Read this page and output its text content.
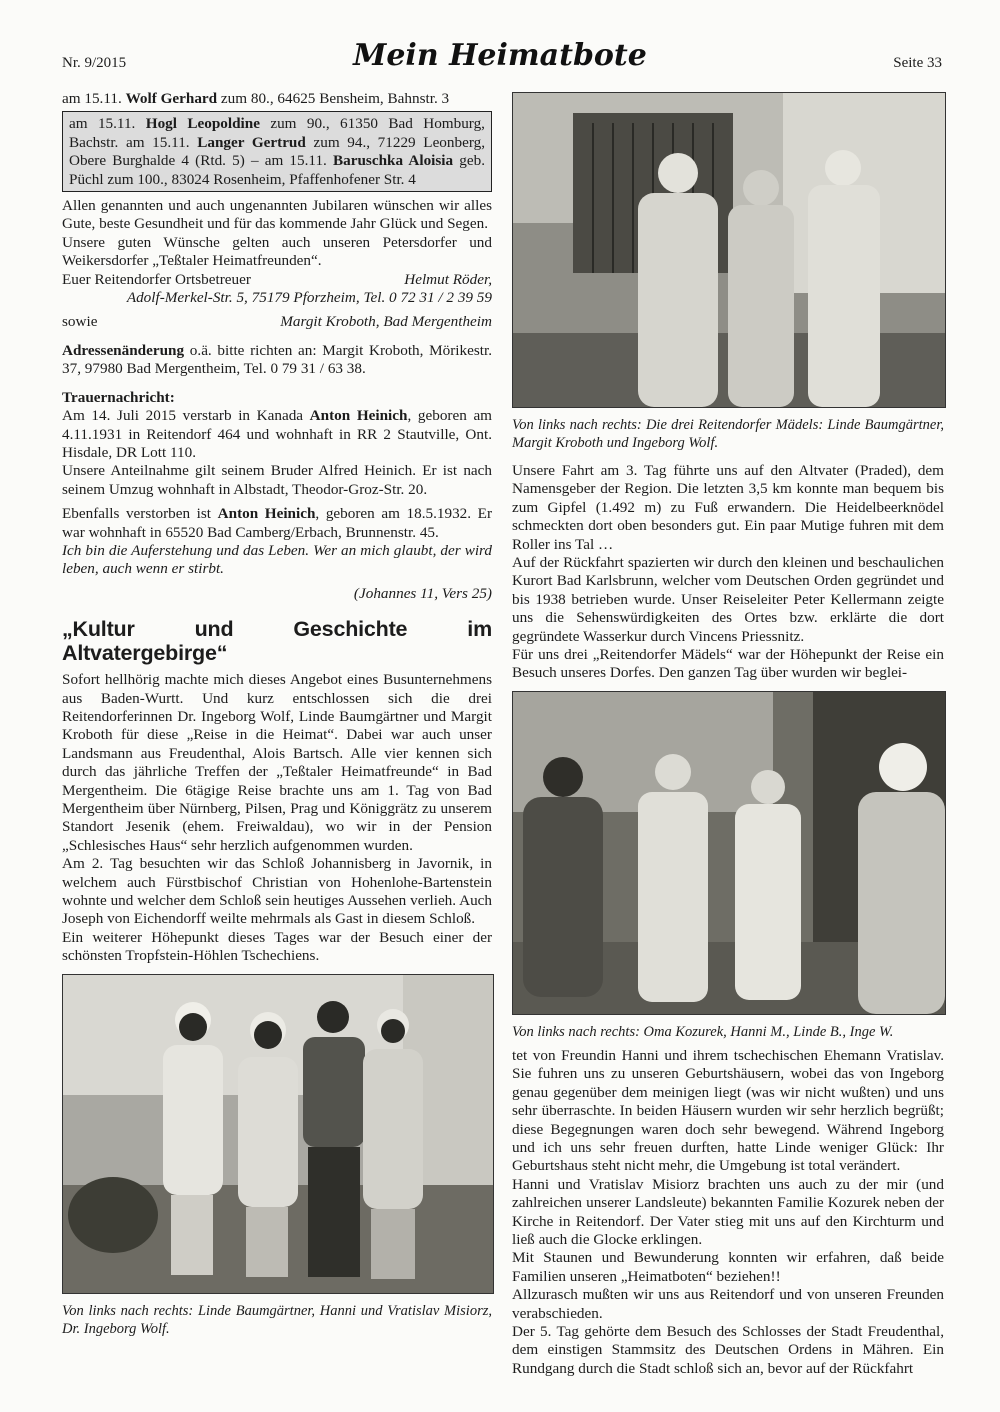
Nr. 9/2015	Mein Heimatbote	Seite 33

am 15.11. Wolf Gerhard zum 80., 64625 Bensheim, Bahnstr. 3

am 15.11. Hogl Leopoldine zum 90., 61350 Bad Homburg, Bachstr. am 15.11. Langer Gertrud zum 94., 71229 Leonberg, Obere Burghalde 4 (Rtd. 5) – am 15.11. Baruschka Aloisia geb. Püchl zum 100., 83024 Rosenheim, Pfaffenhofener Str. 4

Allen genannten und auch ungenannten Jubilaren wünschen wir alles Gute, beste Gesundheit und für das kommende Jahr Glück und Segen.

Unsere guten Wünsche gelten auch unseren Petersdorfer und Weikersdorfer „Teßtaler Heimatfreunden“.

Euer Reitendorfer Ortsbetreuer	Helmut Röder,

Adolf-Merkel-Str. 5, 75179 Pforzheim, Tel. 0 72 31 / 2 39 59

sowie	Margit Kroboth, Bad Mergentheim

Adressenänderung o.ä. bitte richten an: Margit Kroboth, Mörikestr. 37, 97980 Bad Mergentheim, Tel. 0 79 31 / 63 38.

Trauernachricht:

Am 14. Juli 2015 verstarb in Kanada Anton Heinich, geboren am 4.11.1931 in Reitendorf 464 und wohnhaft in RR 2 Stautville, Ont. Hisdale, DR Lott 110.

Unsere Anteilnahme gilt seinem Bruder Alfred Heinich. Er ist nach seinem Umzug wohnhaft in Albstadt, Theodor-Groz-Str. 20.

Ebenfalls verstorben ist Anton Heinich, geboren am 18.5.1932. Er war wohnhaft in 65520 Bad Camberg/Erbach, Brunnenstr. 45.

Ich bin die Auferstehung und das Leben. Wer an mich glaubt, der wird leben, auch wenn er stirbt.

(Johannes 11, Vers 25)

„Kultur und Geschichte im Altvatergebirge“

Sofort hellhörig machte mich dieses Angebot eines Busunternehmens aus Baden-Wurtt. Und kurz entschlossen sich die drei Reitendorferinnen Dr. Ingeborg Wolf, Linde Baumgärtner und Margit Kroboth für diese „Reise in die Heimat“. Dabei war auch unser Landsmann aus Freudenthal, Alois Bartsch. Alle vier kennen sich durch das jährliche Treffen der „Teßtaler Heimatfreunde“ in Bad Mergentheim. Die 6tägige Reise brachte uns am 1. Tag von Bad Mergentheim über Nürnberg, Pilsen, Prag und Königgrätz zu unserem Standort Jesenik (ehem. Freiwaldau), wo wir in der Pension „Schlesisches Haus“ sehr herzlich aufgenommen wurden.

Am 2. Tag besuchten wir das Schloß Johannisberg in Javornik, in welchem auch Fürstbischof Christian von Hohenlohe-Bartenstein wohnte und welcher dem Schloß sein heutiges Aussehen verlieh. Auch Joseph von Eichendorff weilte mehrmals als Gast in diesem Schloß.

Ein weiterer Höhepunkt dieses Tages war der Besuch einer der schönsten Tropfstein-Höhlen Tschechiens.

Von links nach rechts: Linde Baumgärtner, Hanni und Vratislav Misiorz, Dr. Ingeborg Wolf.

Von links nach rechts: Die drei Reitendorfer Mädels: Linde Baumgärtner, Margit Kroboth und Ingeborg Wolf.

Unsere Fahrt am 3. Tag führte uns auf den Altvater (Praded), dem Namensgeber der Region. Die letzten 3,5 km konnte man bequem bis zum Gipfel (1.492 m) zu Fuß erwandern. Die Heidelbeerknödel schmeckten dort oben besonders gut. Ein paar Mutige fuhren mit dem Roller ins Tal …

Auf der Rückfahrt spazierten wir durch den kleinen und beschaulichen Kurort Bad Karlsbrunn, welcher vom Deutschen Orden gegründet und bis 1938 betrieben wurde. Unser Reiseleiter Peter Kellermann zeigte uns die Sehenswürdigkeiten des Ortes bzw. erklärte die dort gegründete Wasserkur durch Vincens Priessnitz.

Für uns drei „Reitendorfer Mädels“ war der Höhepunkt der Reise ein Besuch unseres Dorfes. Den ganzen Tag über wurden wir beglei-

Von links nach rechts: Oma Kozurek, Hanni M., Linde B., Inge W.

tet von Freundin Hanni und ihrem tschechischen Ehemann Vratislav. Sie fuhren uns zu unseren Geburtshäusern, wobei das von Ingeborg genau gegenüber dem meinigen liegt (was wir nicht wußten) und uns sehr überraschte. In beiden Häusern wurden wir sehr herzlich begrüßt; diese Begegnungen waren doch sehr bewegend. Während Ingeborg und ich uns sehr freuen durften, hatte Linde weniger Glück: Ihr Geburtshaus steht nicht mehr, die Umgebung ist total verändert.

Hanni und Vratislav Misiorz brachten uns auch zu der mir (und zahlreichen unserer Landsleute) bekannten Familie Kozurek neben der Kirche in Reitendorf. Der Vater stieg mit uns auf den Kirchturm und ließ auch die Glocke erklingen.

Mit Staunen und Bewunderung konnten wir erfahren, daß beide Familien unseren „Heimatboten“ beziehen!!

Allzurasch mußten wir uns aus Reitendorf und von unseren Freunden verabschieden.

Der 5. Tag gehörte dem Besuch des Schlosses der Stadt Freudenthal, dem einstigen Stammsitz des Deutschen Ordens in Mähren. Ein Rundgang durch die Stadt schloß sich an, bevor auf der Rückfahrt
